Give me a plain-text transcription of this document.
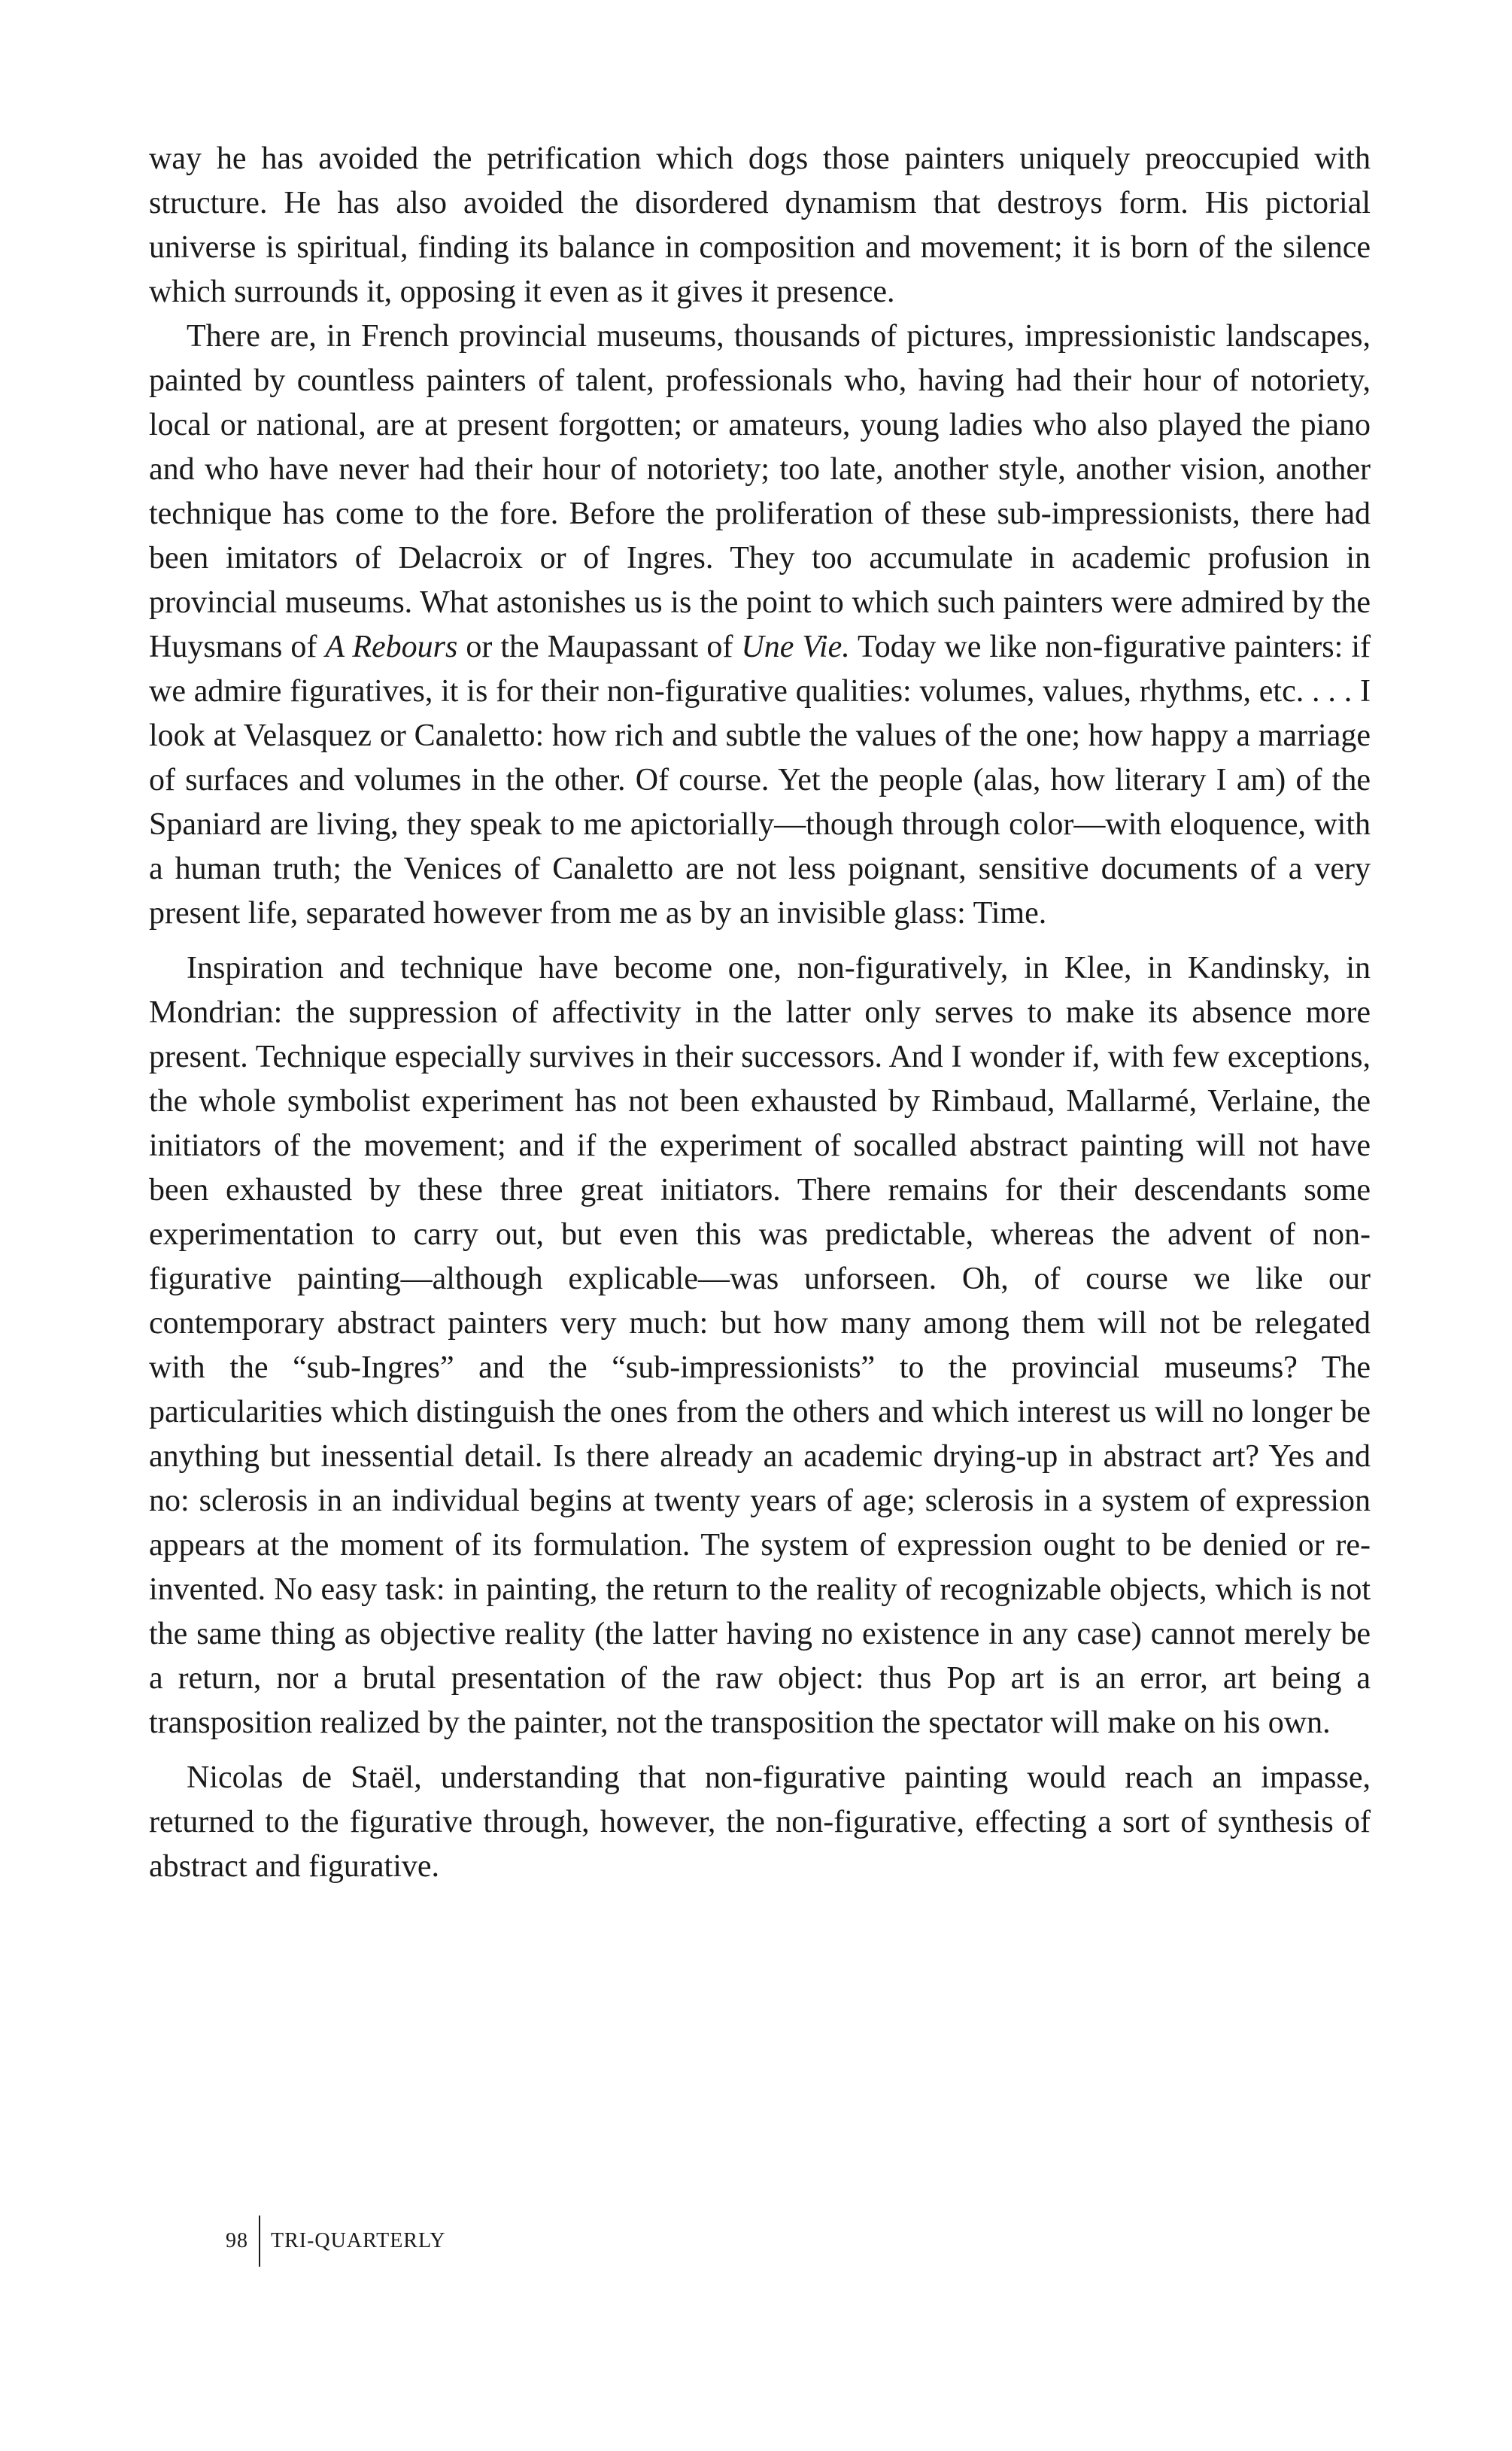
way he has avoided the petrification which dogs those painters uniquely preoccupied with structure. He has also avoided the disordered dynamism that destroys form. His pictorial universe is spiritual, finding its balance in composition and movement; it is born of the silence which surrounds it, opposing it even as it gives it presence.

There are, in French provincial museums, thousands of pictures, impressionistic landscapes, painted by countless painters of talent, professionals who, having had their hour of notoriety, local or national, are at present forgotten; or amateurs, young ladies who also played the piano and who have never had their hour of notoriety; too late, another style, another vision, another technique has come to the fore. Before the proliferation of these sub-impressionists, there had been imitators of Delacroix or of Ingres. They too accumulate in academic profusion in provincial museums. What astonishes us is the point to which such painters were admired by the Huysmans of A Rebours or the Maupassant of Une Vie. Today we like non-figurative painters: if we admire figuratives, it is for their non-figurative qualities: volumes, values, rhythms, etc. . . . I look at Velasquez or Canaletto: how rich and subtle the values of the one; how happy a marriage of surfaces and volumes in the other. Of course. Yet the people (alas, how literary I am) of the Spaniard are living, they speak to me apictorially—though through color—with eloquence, with a human truth; the Venices of Canaletto are not less poignant, sensitive documents of a very present life, separated however from me as by an invisible glass: Time.

Inspiration and technique have become one, non-figuratively, in Klee, in Kandinsky, in Mondrian: the suppression of affectivity in the latter only serves to make its absence more present. Technique especially survives in their successors. And I wonder if, with few exceptions, the whole symbolist experiment has not been exhausted by Rimbaud, Mallarmé, Verlaine, the initiators of the movement; and if the experiment of socalled abstract painting will not have been exhausted by these three great initiators. There remains for their descendants some experimentation to carry out, but even this was predictable, whereas the advent of non-figurative painting—although explicable—was unforseen. Oh, of course we like our contemporary abstract painters very much: but how many among them will not be relegated with the “sub-Ingres” and the “sub-impressionists” to the provincial museums? The particularities which distinguish the ones from the others and which interest us will no longer be anything but inessential detail. Is there already an academic drying-up in abstract art? Yes and no: sclerosis in an individual begins at twenty years of age; sclerosis in a system of expression appears at the moment of its formulation. The system of expression ought to be denied or re-invented. No easy task: in painting, the return to the reality of recognizable objects, which is not the same thing as objective reality (the latter having no existence in any case) cannot merely be a return, nor a brutal presentation of the raw object: thus Pop art is an error, art being a transposition realized by the painter, not the transposition the spectator will make on his own.

Nicolas de Staël, understanding that non-figurative painting would reach an impasse, returned to the figurative through, however, the non-figurative, effecting a sort of synthesis of abstract and figurative.

98 TRI-QUARTERLY
